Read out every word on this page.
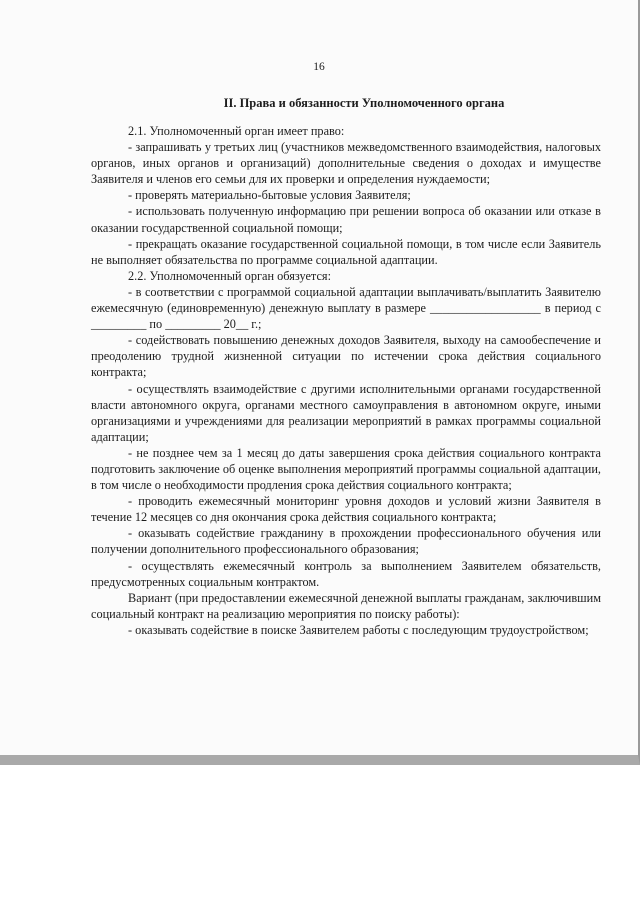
16
II. Права и обязанности Уполномоченного органа

2.1. Уполномоченный орган имеет право:

- запрашивать у третьих лиц (участников межведомственного взаимодействия, налоговых органов, иных органов и организаций) дополнительные сведения о доходах и имуществе Заявителя и членов его семьи для их проверки и определения нуждаемости;

- проверять материально-бытовые условия Заявителя;

- использовать полученную информацию при решении вопроса об оказании или отказе в оказании государственной социальной помощи;

- прекращать оказание государственной социальной помощи, в том числе если Заявитель не выполняет обязательства по программе социальной адаптации.

2.2. Уполномоченный орган обязуется:

- в соответствии с программой социальной адаптации выплачивать/выплатить Заявителю ежемесячную (единовременную) денежную выплату в размере __________________ в период с _________ по _________ 20__ г.;

- содействовать повышению денежных доходов Заявителя, выходу на самообеспечение и преодолению трудной жизненной ситуации по истечении срока действия социального контракта;

- осуществлять взаимодействие с другими исполнительными органами государственной власти автономного округа, органами местного самоуправления в автономном округе, иными организациями и учреждениями для реализации мероприятий в рамках программы социальной адаптации;

- не позднее чем за 1 месяц до даты завершения срока действия социального контракта подготовить заключение об оценке выполнения мероприятий программы социальной адаптации, в том числе о необходимости продления срока действия социального контракта;

- проводить ежемесячный мониторинг уровня доходов и условий жизни Заявителя в течение 12 месяцев со дня окончания срока действия социального контракта;

- оказывать содействие гражданину в прохождении профессионального обучения или получении дополнительного профессионального образования;

- осуществлять ежемесячный контроль за выполнением Заявителем обязательств, предусмотренных социальным контрактом.

Вариант (при предоставлении ежемесячной денежной выплаты гражданам, заключившим социальный контракт на реализацию мероприятия по поиску работы):

- оказывать содействие в поиске Заявителем работы с последующим трудоустройством;
